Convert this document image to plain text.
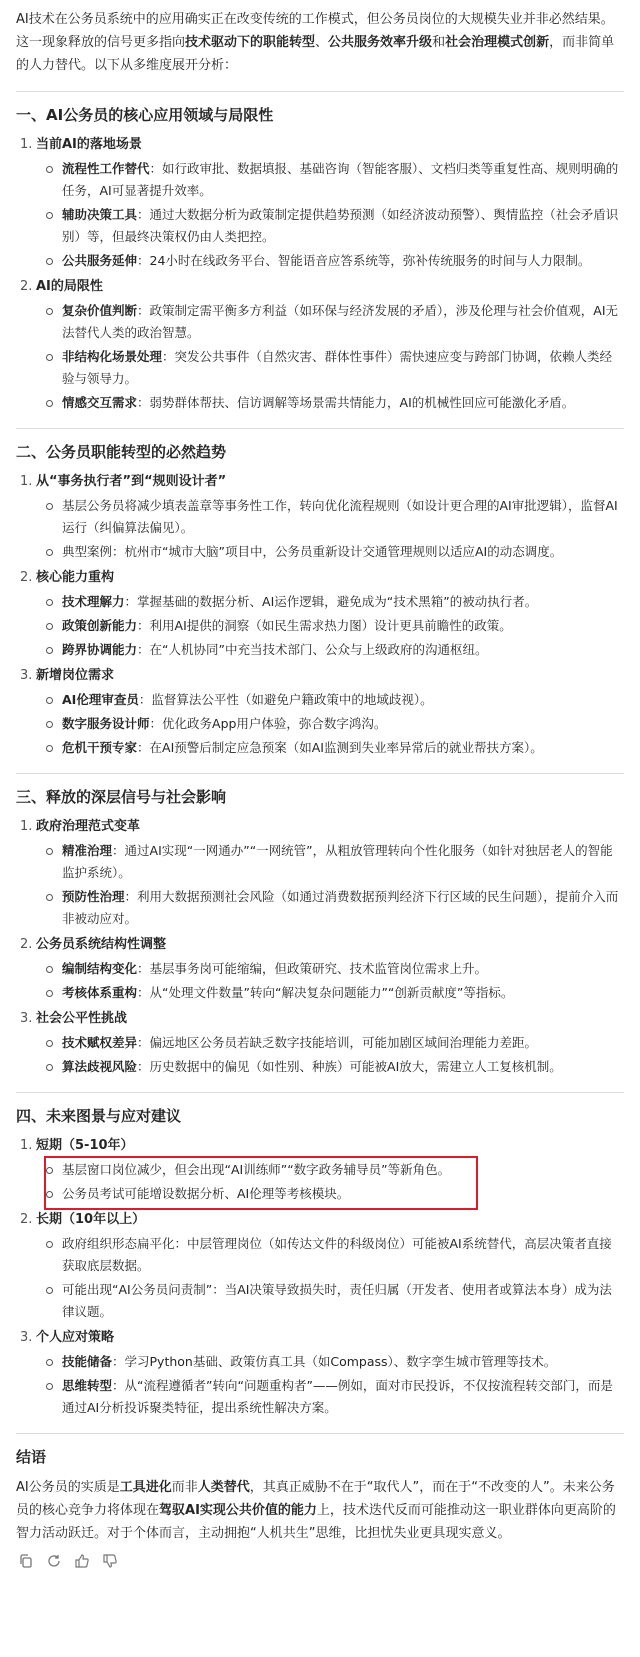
AI技术在公务员系统中的应用确实正在改变传统的工作模式，但公务员岗位的大规模失业并非必然结果。这一现象释放的信号更多指向技术驱动下的职能转型、公共服务效率升级和社会治理模式创新，而非简单的人力替代。以下从多维度展开分析：

一、AI公务员的核心应用领域与局限性
1. 当前AI的落地场景
流程性工作替代：如行政审批、数据填报、基础咨询（智能客服）、文档归类等重复性高、规则明确的任务，AI可显著提升效率。
辅助决策工具：通过大数据分析为政策制定提供趋势预测（如经济波动预警）、舆情监控（社会矛盾识别）等，但最终决策权仍由人类把控。
公共服务延伸：24小时在线政务平台、智能语音应答系统等，弥补传统服务的时间与人力限制。
2. AI的局限性
复杂价值判断：政策制定需平衡多方利益（如环保与经济发展的矛盾），涉及伦理与社会价值观，AI无法替代人类的政治智慧。
非结构化场景处理：突发公共事件（自然灾害、群体性事件）需快速应变与跨部门协调，依赖人类经验与领导力。
情感交互需求：弱势群体帮扶、信访调解等场景需共情能力，AI的机械性回应可能激化矛盾。
二、公务员职能转型的必然趋势
1. 从“事务执行者”到“规则设计者”
基层公务员将减少填表盖章等事务性工作，转向优化流程规则（如设计更合理的AI审批逻辑），监督AI运行（纠偏算法偏见）。
典型案例：杭州市“城市大脑”项目中，公务员重新设计交通管理规则以适应AI的动态调度。
2. 核心能力重构
技术理解力：掌握基础的数据分析、AI运作逻辑，避免成为“技术黑箱”的被动执行者。
政策创新能力：利用AI提供的洞察（如民生需求热力图）设计更具前瞻性的政策。
跨界协调能力：在“人机协同”中充当技术部门、公众与上级政府的沟通枢纽。
3. 新增岗位需求
AI伦理审查员：监督算法公平性（如避免户籍政策中的地域歧视）。
数字服务设计师：优化政务App用户体验，弥合数字鸿沟。
危机干预专家：在AI预警后制定应急预案（如AI监测到失业率异常后的就业帮扶方案）。
三、释放的深层信号与社会影响
1. 政府治理范式变革
精准治理：通过AI实现“一网通办”“一网统管”，从粗放管理转向个性化服务（如针对独居老人的智能监护系统）。
预防性治理：利用大数据预测社会风险（如通过消费数据预判经济下行区域的民生问题），提前介入而非被动应对。
2. 公务员系统结构性调整
编制结构变化：基层事务岗可能缩编，但政策研究、技术监管岗位需求上升。
考核体系重构：从“处理文件数量”转向“解决复杂问题能力”“创新贡献度”等指标。
3. 社会公平性挑战
技术赋权差异：偏远地区公务员若缺乏数字技能培训，可能加剧区域间治理能力差距。
算法歧视风险：历史数据中的偏见（如性别、种族）可能被AI放大，需建立人工复核机制。
四、未来图景与应对建议
1. 短期（5-10年）
基层窗口岗位减少，但会出现“AI训练师”“数字政务辅导员”等新角色。
公务员考试可能增设数据分析、AI伦理等考核模块。
2. 长期（10年以上）
政府组织形态扁平化：中层管理岗位（如传达文件的科级岗位）可能被AI系统替代，高层决策者直接获取底层数据。
可能出现“AI公务员问责制”：当AI决策导致损失时，责任归属（开发者、使用者或算法本身）成为法律议题。
3. 个人应对策略
技能储备：学习Python基础、政策仿真工具（如Compass）、数字孪生城市管理等技术。
思维转型：从“流程遵循者”转向“问题重构者”——例如，面对市民投诉，不仅按流程转交部门，而是通过AI分析投诉聚类特征，提出系统性解决方案。
结语

AI公务员的实质是工具进化而非人类替代，其真正威胁不在于“取代人”，而在于“不改变的人”。未来公务员的核心竞争力将体现在驾驭AI实现公共价值的能力上，技术迭代反而可能推动这一职业群体向更高阶的智力活动跃迁。对于个体而言，主动拥抱“人机共生”思维，比担忧失业更具现实意义。
